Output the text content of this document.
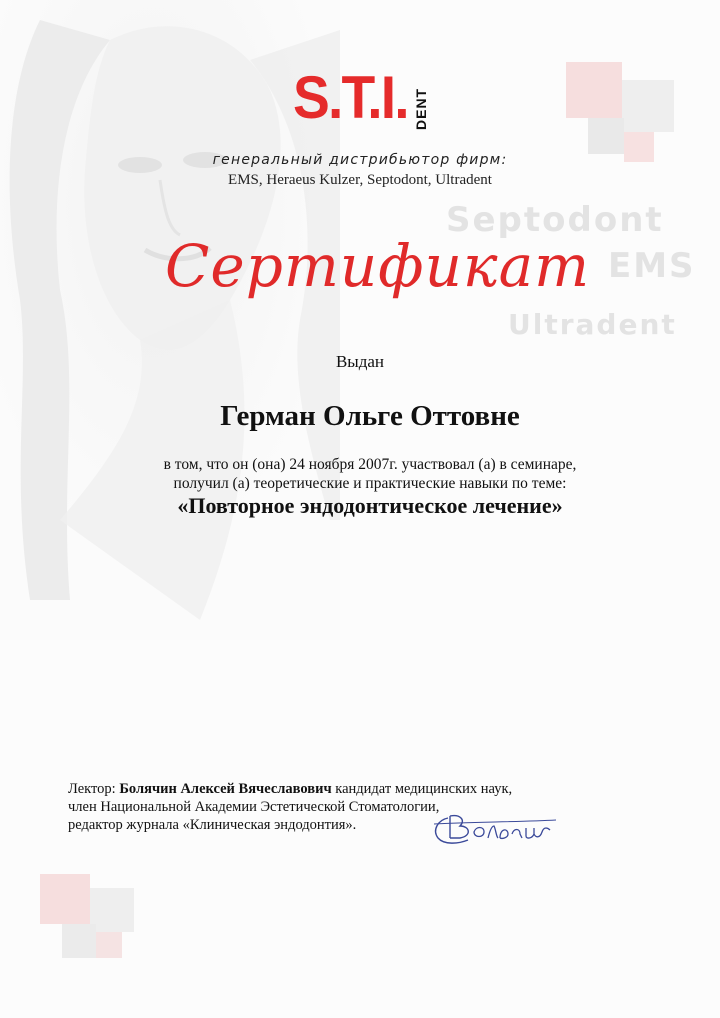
Septodont
EMS
Ultradent
S.T.I. DENT
генеральный дистрибьютор фирм:
EMS, Heraeus Kulzer, Septodont, Ultradent
Сертификат
Выдан
Герман Ольге Оттовне
в том, что он (она) 24 ноября 2007г. участвовал (а) в семинаре,
получил (а) теоретические и практические навыки по теме:
«Повторное эндодонтическое лечение»
Лектор: Болячин Алексей Вячеславович кандидат медицинских наук,
член Национальной Академии Эстетической Стоматологии,
редактор журнала «Клиническая эндодонтия».
